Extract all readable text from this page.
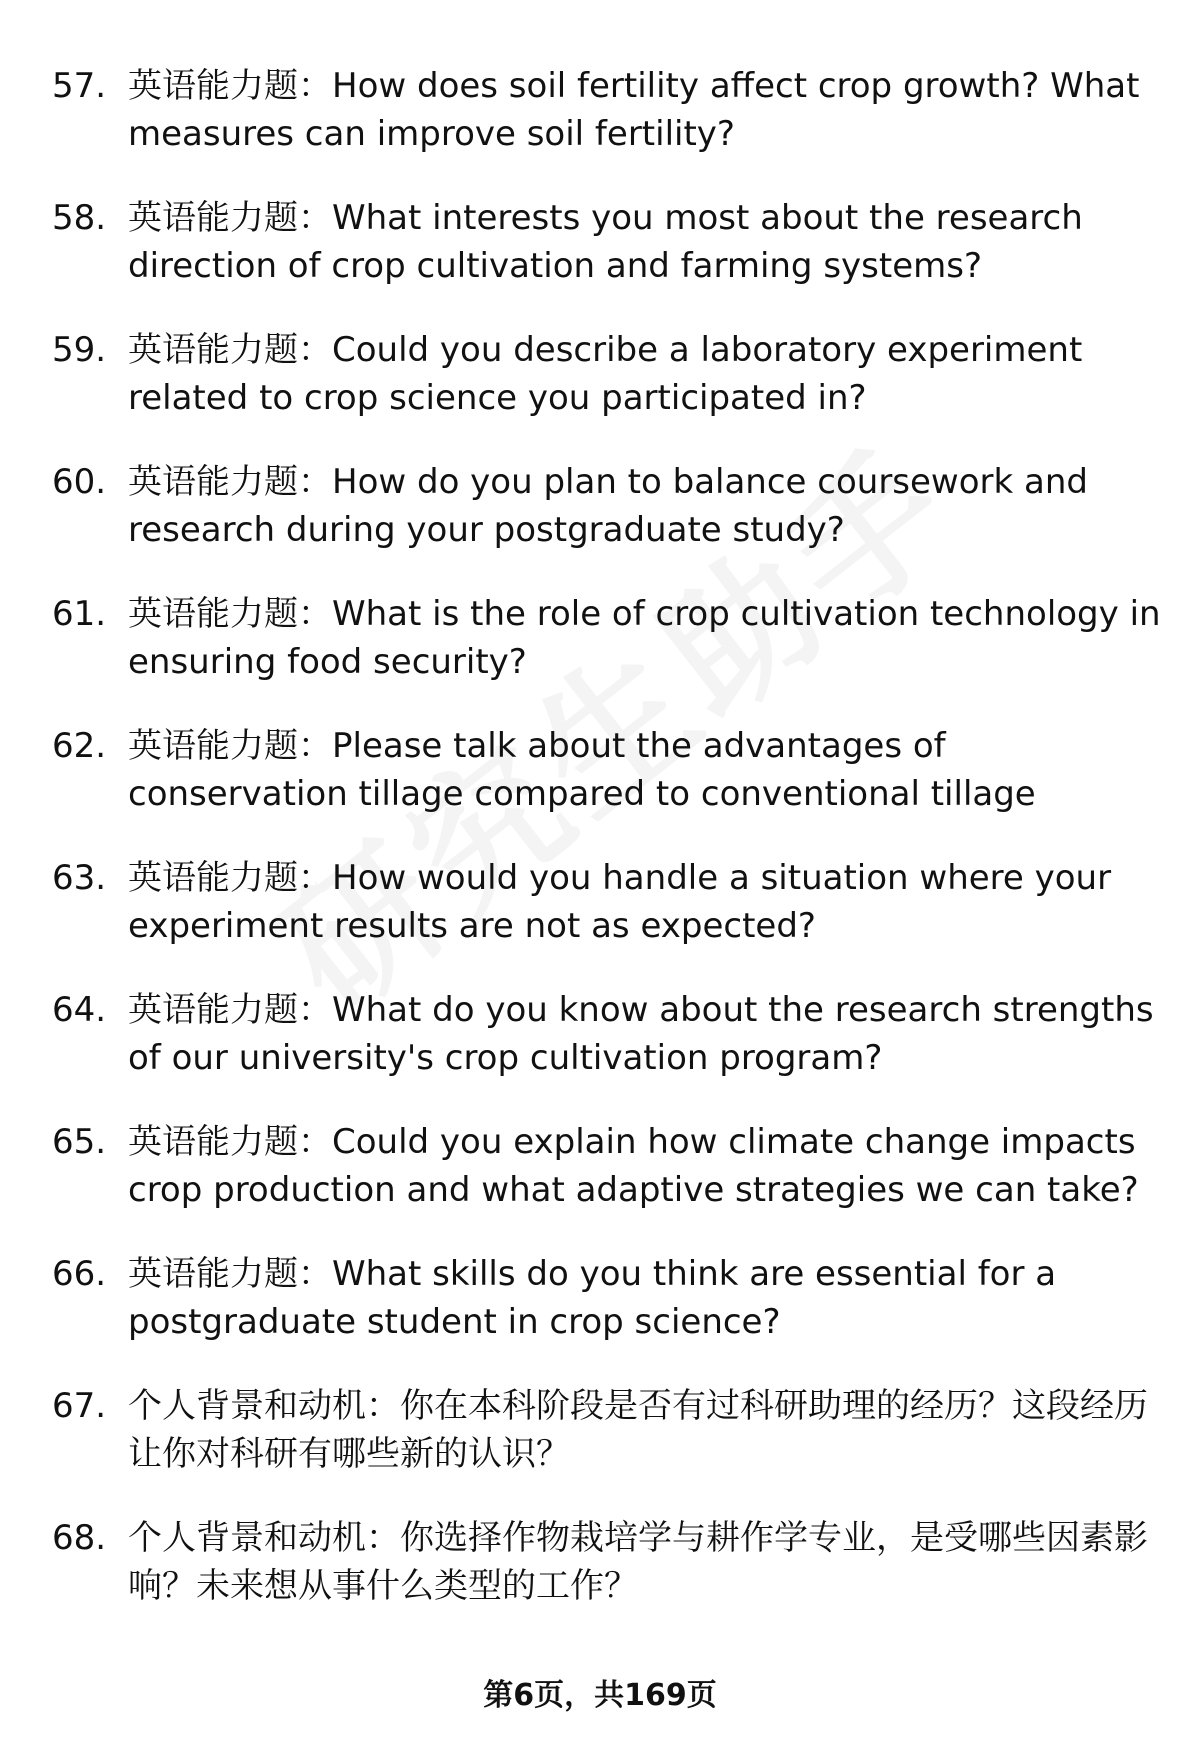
57. 英语能力题：How does soil fertility affect crop growth? What measures can improve soil fertility?
58. 英语能力题：What interests you most about the research direction of crop cultivation and farming systems?
59. 英语能力题：Could you describe a laboratory experiment related to crop science you participated in?
60. 英语能力题：How do you plan to balance coursework and research during your postgraduate study?
61. 英语能力题：What is the role of crop cultivation technology in ensuring food security?
62. 英语能力题：Please talk about the advantages of conservation tillage compared to conventional tillage
63. 英语能力题：How would you handle a situation where your experiment results are not as expected?
64. 英语能力题：What do you know about the research strengths of our university's crop cultivation program?
65. 英语能力题：Could you explain how climate change impacts crop production and what adaptive strategies we can take?
66. 英语能力题：What skills do you think are essential for a postgraduate student in crop science?
67. 个人背景和动机：你在本科阶段是否有过科研助理的经历？这段经历让你对科研有哪些新的认识？
68. 个人背景和动机：你选择作物栽培学与耕作学专业，是受哪些因素影响？未来想从事什么类型的工作？
第6页，共169页
